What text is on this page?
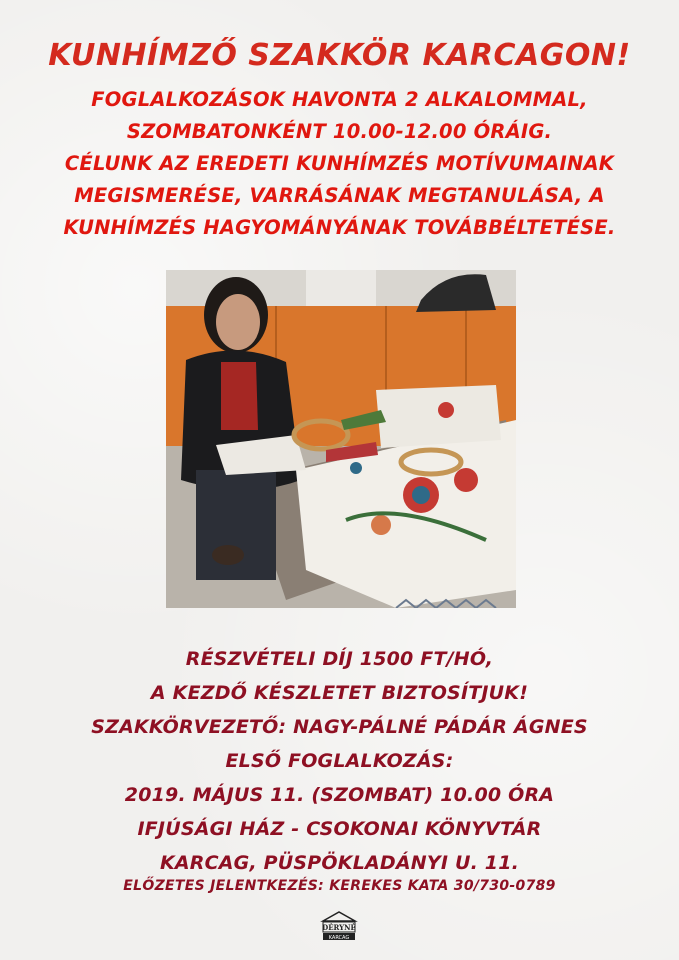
KUNHÍMZŐ SZAKKÖR KARCAGON!
FOGLALKOZÁSOK HAVONTA 2 ALKALOMMAL,
SZOMBATONKÉNT 10.00-12.00 ÓRÁIG.
CÉLUNK AZ EREDETI KUNHÍMZÉS MOTÍVUMAINAK
MEGISMERÉSE, VARRÁSÁNAK MEGTANULÁSA, A
KUNHÍMZÉS HAGYOMÁNYÁNAK TOVÁBBÉLTETÉSE.
RÉSZVÉTELI DÍJ 1500 FT/HÓ,
A KEZDŐ KÉSZLETET BIZTOSÍTJUK!
SZAKKÖRVEZETŐ: NAGY-PÁLNÉ PÁDÁR ÁGNES
ELSŐ FOGLALKOZÁS:
2019. MÁJUS 11. (SZOMBAT) 10.00 ÓRA
IFJÚSÁGI HÁZ - CSOKONAI KÖNYVTÁR
KARCAG, PÜSPÖKLADÁNYI U. 11.
ELŐZETES JELENTKEZÉS: KEREKES KATA 30/730-0789
DÉRYNÉ
KARCAG
